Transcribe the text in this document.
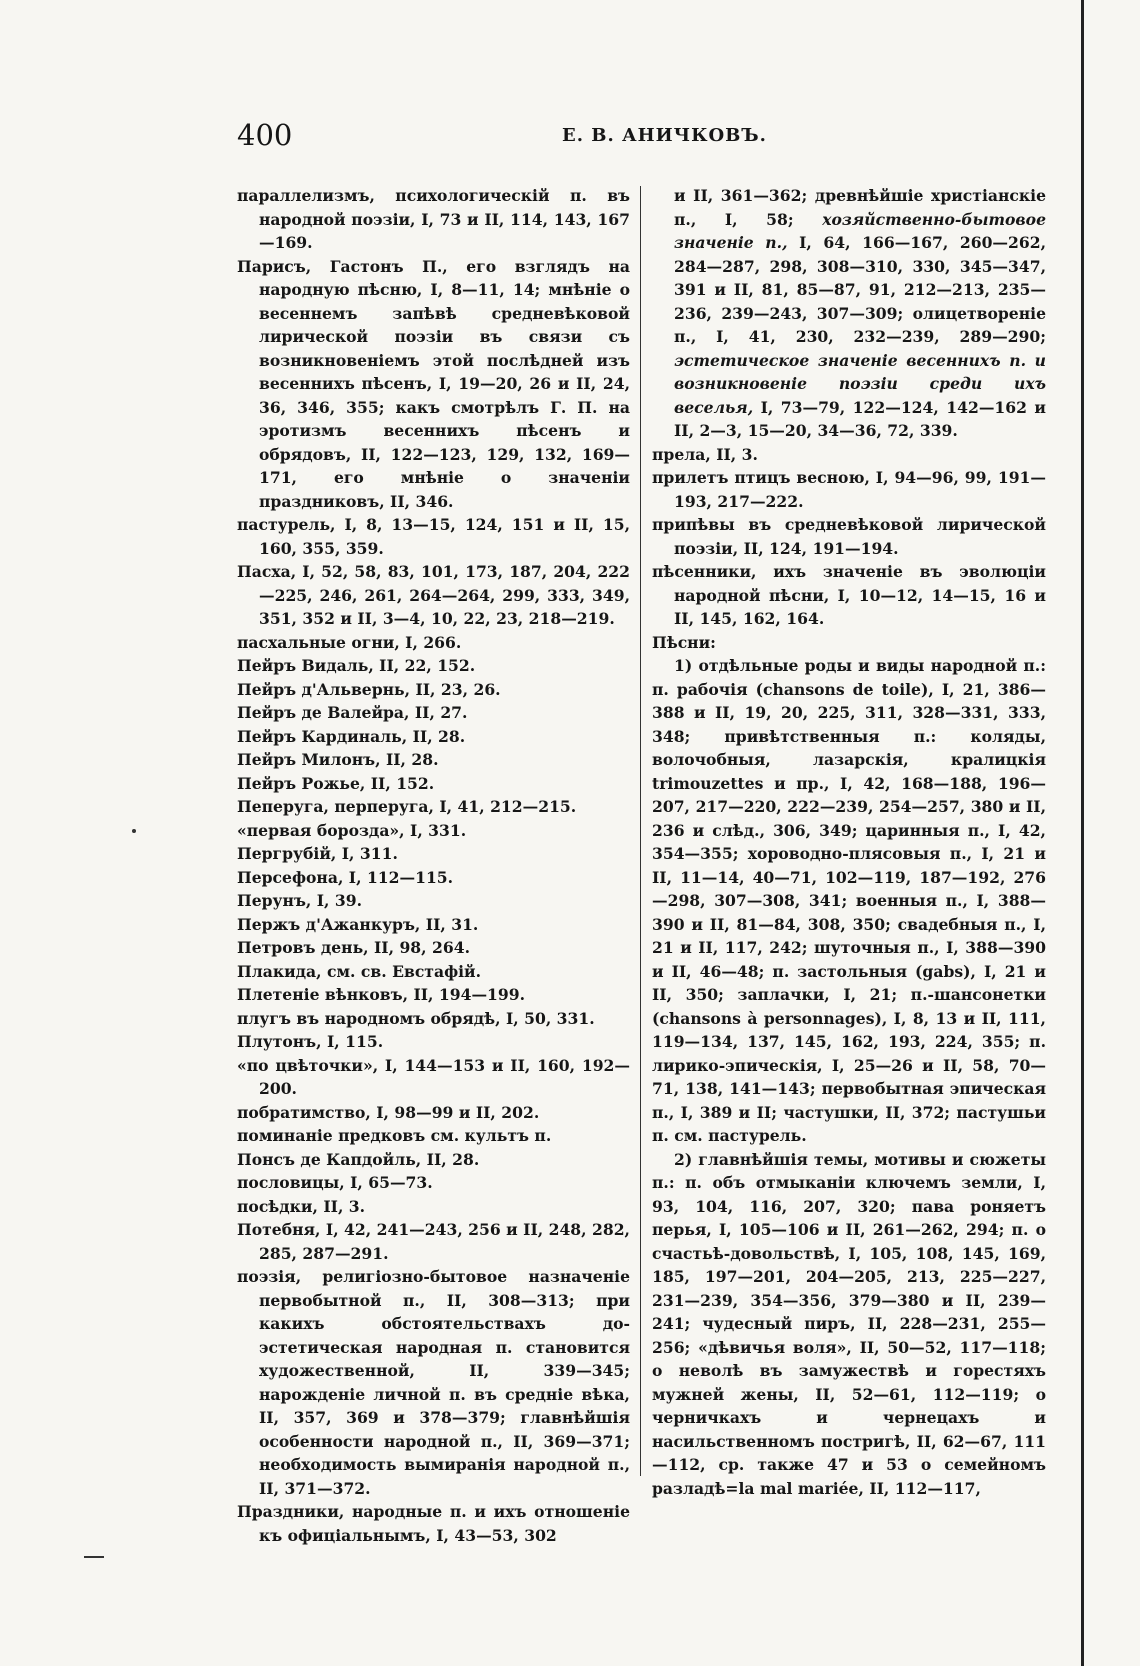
400	Е. В. АНИЧКОВЪ.

параллелизмъ, психологическій п. въ народной поэзіи, I, 73 и II, 114, 143, 167—169.

Парисъ, Гастонъ П., его взглядъ на народную пѣсню, I, 8—11, 14; мнѣніе о весеннемъ запѣвѣ средневѣковой лирической поэзіи въ связи съ возникновеніемъ этой послѣдней изъ весеннихъ пѣсенъ, I, 19—20, 26 и II, 24, 36, 346, 355; какъ смотрѣлъ Г. П. на эротизмъ весеннихъ пѣсенъ и обрядовъ, II, 122—123, 129, 132, 169—171, его мнѣніе о значеніи праздниковъ, II, 346.

пастурель, I, 8, 13—15, 124, 151 и II, 15, 160, 355, 359.

Пасха, I, 52, 58, 83, 101, 173, 187, 204, 222—225, 246, 261, 264—264, 299, 333, 349, 351, 352 и II, 3—4, 10, 22, 23, 218—219.

пасхальные огни, I, 266.

Пейръ Видаль, II, 22, 152.

Пейръ д'Альвернь, II, 23, 26.

Пейръ де Валейра, II, 27.

Пейръ Кардиналь, II, 28.

Пейръ Милонъ, II, 28.

Пейръ Рожье, II, 152.

Пеперуга, перперуга, I, 41, 212—215.

«первая борозда», I, 331.

Пергрубій, I, 311.

Персефона, I, 112—115.

Перунъ, I, 39.

Пержъ д'Ажанкуръ, II, 31.

Петровъ день, II, 98, 264.

Плакида, см. св. Евстафій.

Плетеніе вѣнковъ, II, 194—199.

плугъ въ народномъ обрядѣ, I, 50, 331.

Плутонъ, I, 115.

«по цвѣточки», I, 144—153 и II, 160, 192—200.

побратимство, I, 98—99 и II, 202.

поминаніе предковъ см. культъ п.

Понсъ де Капдойль, II, 28.

пословицы, I, 65—73.

посѣдки, II, 3.

Потебня, I, 42, 241—243, 256 и II, 248, 282, 285, 287—291.

поэзія, религіозно-бытовое назначеніе первобытной п., II, 308—313; при какихъ обстоятельствахъ до-эстетическая народная п. становится художественной, II, 339—345; нарожденіе личной п. въ средніе вѣка, II, 357, 369 и 378—379; главнѣйшія особенности народной п., II, 369—371; необходимость вымиранія народной п., II, 371—372.

Праздники, народные п. и ихъ отношеніе къ офиціальнымъ, I, 43—53, 302

и II, 361—362; древнѣйшіе христіанскіе п., I, 58; хозяйственно-бытовое значеніе п., I, 64, 166—167, 260—262, 284—287, 298, 308—310, 330, 345—347, 391 и II, 81, 85—87, 91, 212—213, 235—236, 239—243, 307—309; олицетвореніе п., I, 41, 230, 232—239, 289—290; эстетическое значеніе весеннихъ п. и возникновеніе поэзіи среди ихъ веселья, I, 73—79, 122—124, 142—162 и II, 2—3, 15—20, 34—36, 72, 339.

прела, II, 3.

прилетъ птицъ весною, I, 94—96, 99, 191—193, 217—222.

припѣвы въ средневѣковой лирической поэзіи, II, 124, 191—194.

пѣсенники, ихъ значеніе въ эволюціи народной пѣсни, I, 10—12, 14—15, 16 и II, 145, 162, 164.

Пѣсни:

1) отдѣльные роды и виды народной п.: п. рабочія (chansons de toile), I, 21, 386—388 и II, 19, 20, 225, 311, 328—331, 333, 348; привѣтственныя п.: коляды, волочобныя, лазарскія, кралицкія trimouzettes и пр., I, 42, 168—188, 196—207, 217—220, 222—239, 254—257, 380 и II, 236 и слѣд., 306, 349; царинныя п., I, 42, 354—355; хороводно-плясовыя п., I, 21 и II, 11—14, 40—71, 102—119, 187—192, 276—298, 307—308, 341; военныя п., I, 388—390 и II, 81—84, 308, 350; свадебныя п., I, 21 и II, 117, 242; шуточныя п., I, 388—390 и II, 46—48; п. застольныя (gabs), I, 21 и II, 350; заплачки, I, 21; п.-шансонетки (chansons à personnages), I, 8, 13 и II, 111, 119—134, 137, 145, 162, 193, 224, 355; п. лирико-эпическія, I, 25—26 и II, 58, 70—71, 138, 141—143; первобытная эпическая п., I, 389 и II; частушки, II, 372; пастушьи п. см. пастурель.

2) главнѣйшія темы, мотивы и сюжеты п.: п. объ отмыканіи ключемъ земли, I, 93, 104, 116, 207, 320; пава роняетъ перья, I, 105—106 и II, 261—262, 294; п. о счастьѣ-довольствѣ, I, 105, 108, 145, 169, 185, 197—201, 204—205, 213, 225—227, 231—239, 354—356, 379—380 и II, 239—241; чудесный пиръ, II, 228—231, 255—256; «дѣвичья воля», II, 50—52, 117—118; о неволѣ въ замужествѣ и горестяхъ мужней жены, II, 52—61, 112—119; о черничкахъ и чернецахъ и насильственномъ постригѣ, II, 62—67, 111—112, ср. также 47 и 53 о семейномъ разладѣ=la mal mariée, II, 112—117,
